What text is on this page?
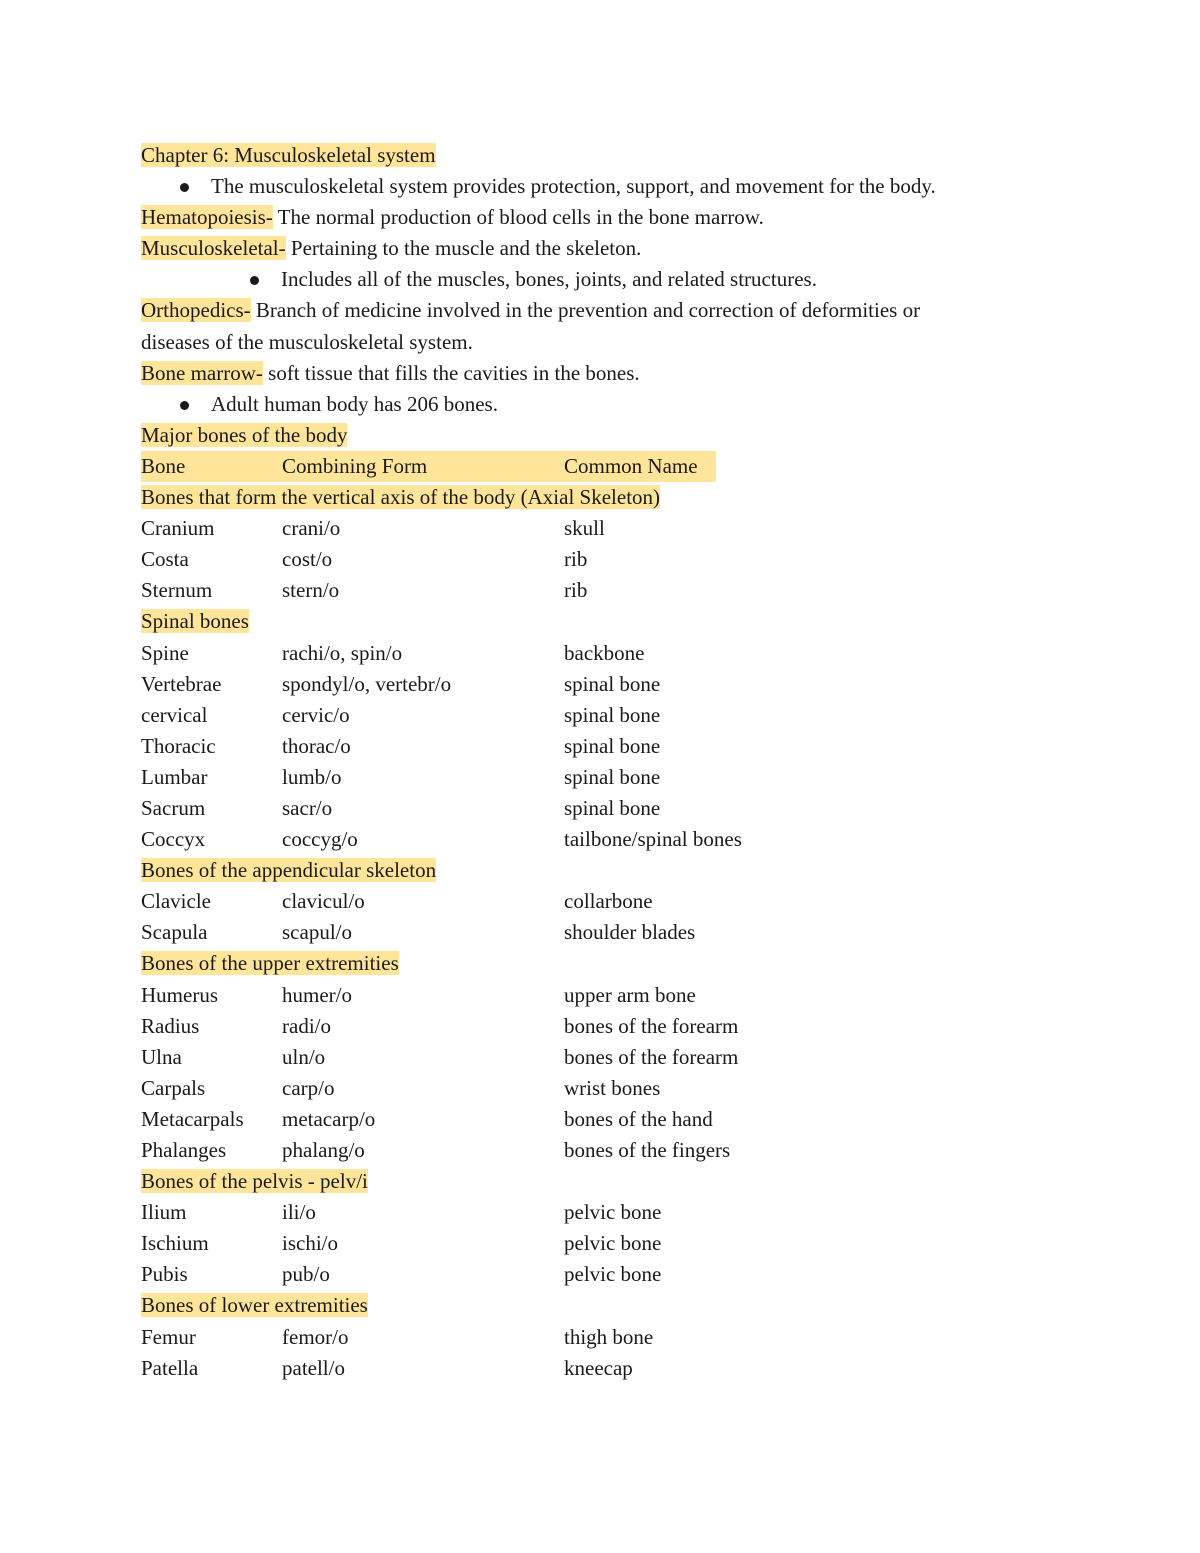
Chapter 6: Musculoskeletal system
The musculoskeletal system provides protection, support, and movement for the body.
Hematopoiesis- The normal production of blood cells in the bone marrow.
Musculoskeletal- Pertaining to the muscle and the skeleton.
Includes all of the muscles, bones, joints, and related structures.
Orthopedics- Branch of medicine involved in the prevention and correction of deformities or
diseases of the musculoskeletal system.
Bone marrow- soft tissue that fills the cavities in the bones.
Adult human body has 206 bones.
Major bones of the body
Bone	Combining Form	Common Name
Bones that form the vertical axis of the body (Axial Skeleton)
Cranium	crani/o	skull
Costa	cost/o	rib
Sternum	stern/o	rib
Spinal bones
Spine	rachi/o, spin/o	backbone
Vertebrae	spondyl/o, vertebr/o	spinal bone
cervical	cervic/o	spinal bone
Thoracic	thorac/o	spinal bone
Lumbar	lumb/o	spinal bone
Sacrum	sacr/o	spinal bone
Coccyx	coccyg/o	tailbone/spinal bones
Bones of the appendicular skeleton
Clavicle	clavicul/o	collarbone
Scapula	scapul/o	shoulder blades
Bones of the upper extremities
Humerus	humer/o	upper arm bone
Radius	radi/o	bones of the forearm
Ulna	uln/o	bones of the forearm
Carpals	carp/o	wrist bones
Metacarpals	metacarp/o	bones of the hand
Phalanges	phalang/o	bones of the fingers
Bones of the pelvis - pelv/i
Ilium	ili/o	pelvic bone
Ischium	ischi/o	pelvic bone
Pubis	pub/o	pelvic bone
Bones of lower extremities
Femur	femor/o	thigh bone
Patella	patell/o	kneecap
